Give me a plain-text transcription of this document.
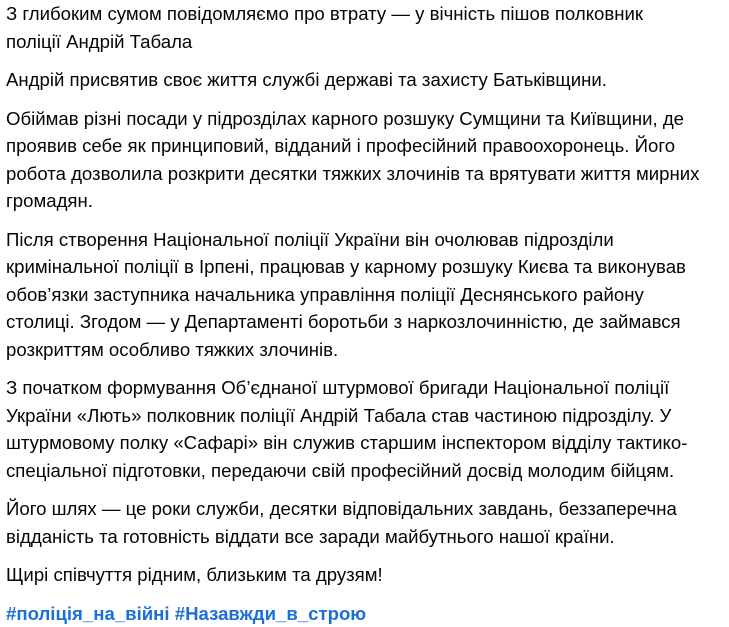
З глибоким сумом повідомляємо про втрату — у вічність пішов полковник
поліції Андрій Табала

Андрій присвятив своє життя службі державі та захисту Батьківщини.

Обіймав різні посади у підрозділах карного розшуку Сумщини та Київщини, де
проявив себе як принциповий, відданий і професійний правоохоронець. Його
робота дозволила розкрити десятки тяжких злочинів та врятувати життя мирних
громадян.

Після створення Національної поліції України він очолював підрозділи
кримінальної поліції в Ірпені, працював у карному розшуку Києва та виконував
обов’язки заступника начальника управління поліції Деснянського району
столиці. Згодом — у Департаменті боротьби з наркозлочинністю, де займався
розкриттям особливо тяжких злочинів.

З початком формування Об’єднаної штурмової бригади Національної поліції
України «Лють» полковник поліції Андрій Табала став частиною підрозділу. У
штурмовому полку «Сафарі» він служив старшим інспектором відділу тактико-
спеціальної підготовки, передаючи свій професійний досвід молодим бійцям.

Його шлях — це роки служби, десятки відповідальних завдань, беззаперечна
відданість та готовність віддати все заради майбутнього нашої країни.

Щирі співчуття рідним, близьким та друзям!

#поліція_на_війні #Назавжди_в_строю
